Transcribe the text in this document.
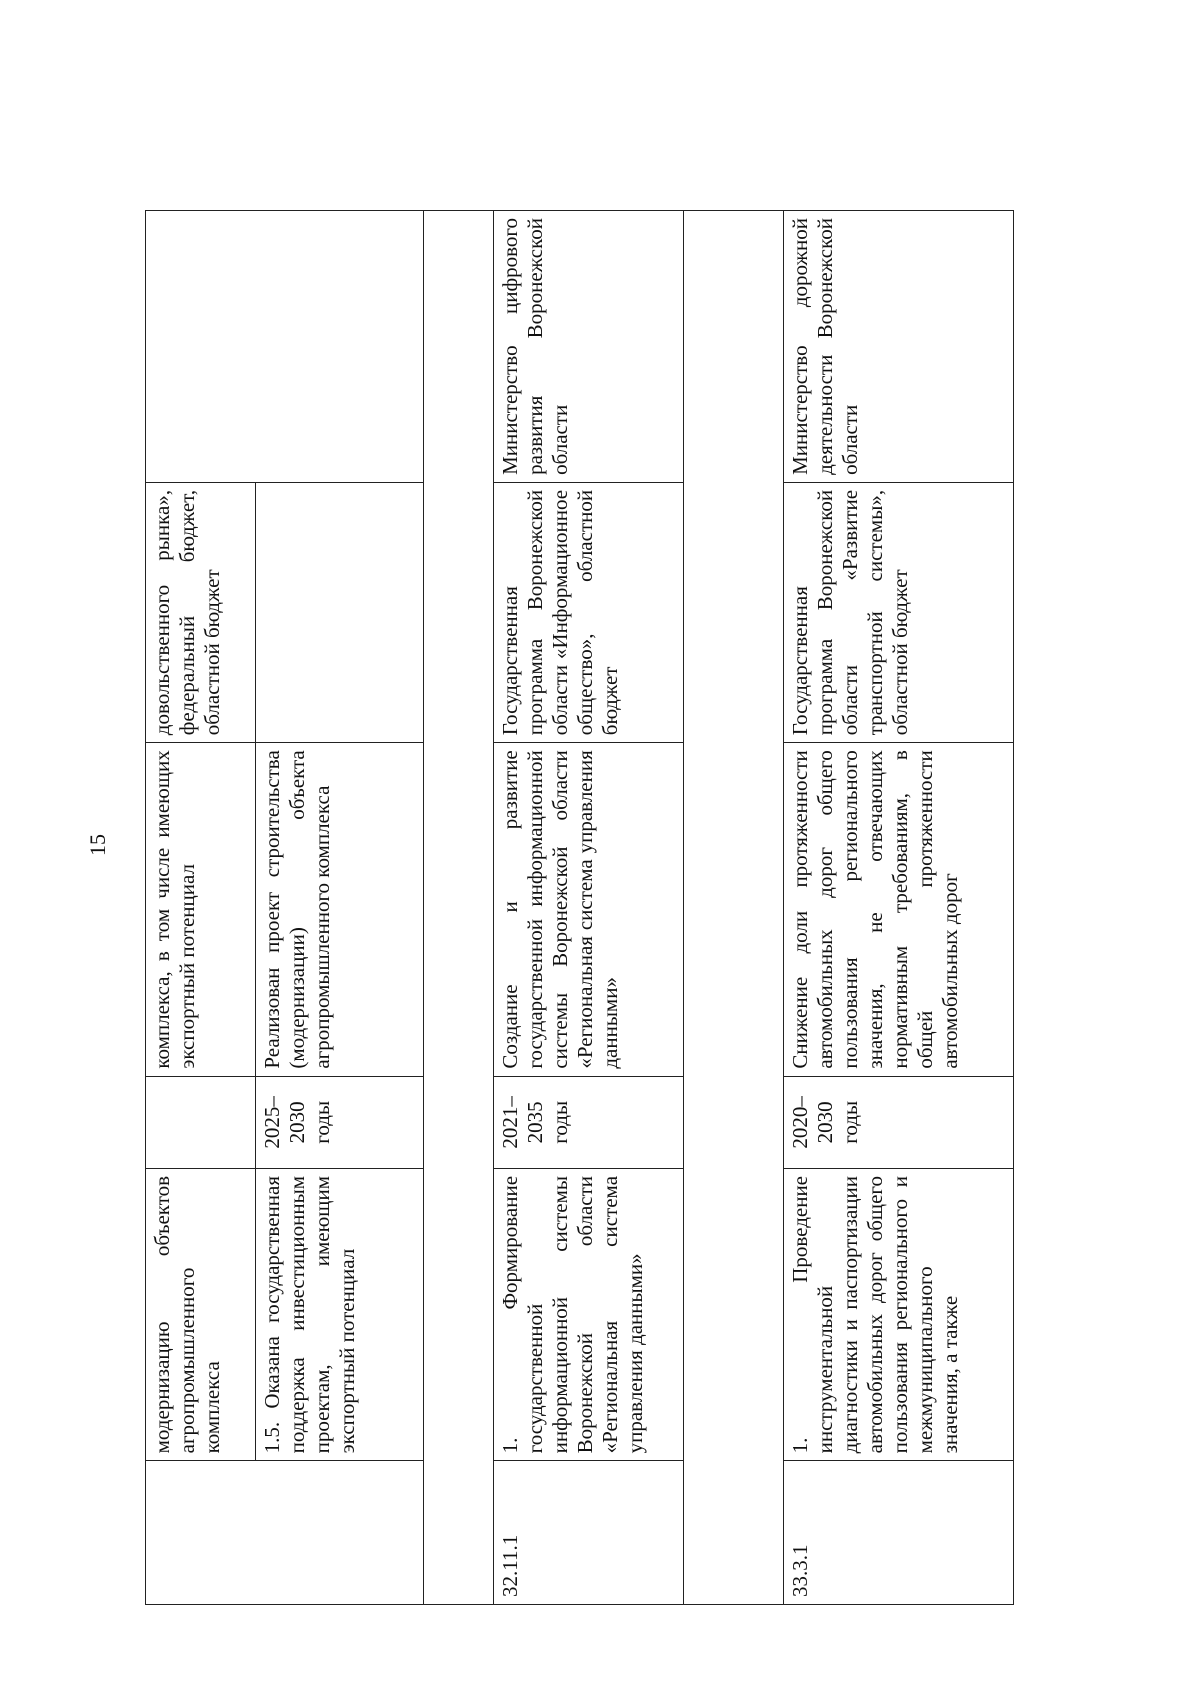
15
	модернизацию объектов агропромышленного комплекса		комплекса, в том числе имеющих экспортный потенциал	довольственного рынка», федеральный бюджет, областной бюджет	
	1.5. Оказана государственная поддержка инвестиционным проектам, имеющим экспортный потенциал	2025–2030 годы	Реализован проект строительства (модернизации) объекта агропромышленного комплекса		

32.11.1	1. Формирование государственной информационной системы Воронежской области «Региональная система управления данными»	2021–2035 годы	Создание и развитие государственной информационной системы Воронежской области «Региональная система управления данными»	Государственная программа Воронежской области «Информационное общество», областной бюджет	Министерство цифрового развития Воронежской области

33.3.1	1. Проведение инструментальной диагностики и паспортизации автомобильных дорог общего пользования регионального и межмуниципального значения, а также	2020–2030 годы	Снижение доли протяженности автомобильных дорог общего пользования регионального значения, не отвечающих нормативным требованиям, в общей протяженности автомобильных дорог	Государственная программа Воронежской области «Развитие транспортной системы», областной бюджет	Министерство дорожной деятельности Воронежской области
